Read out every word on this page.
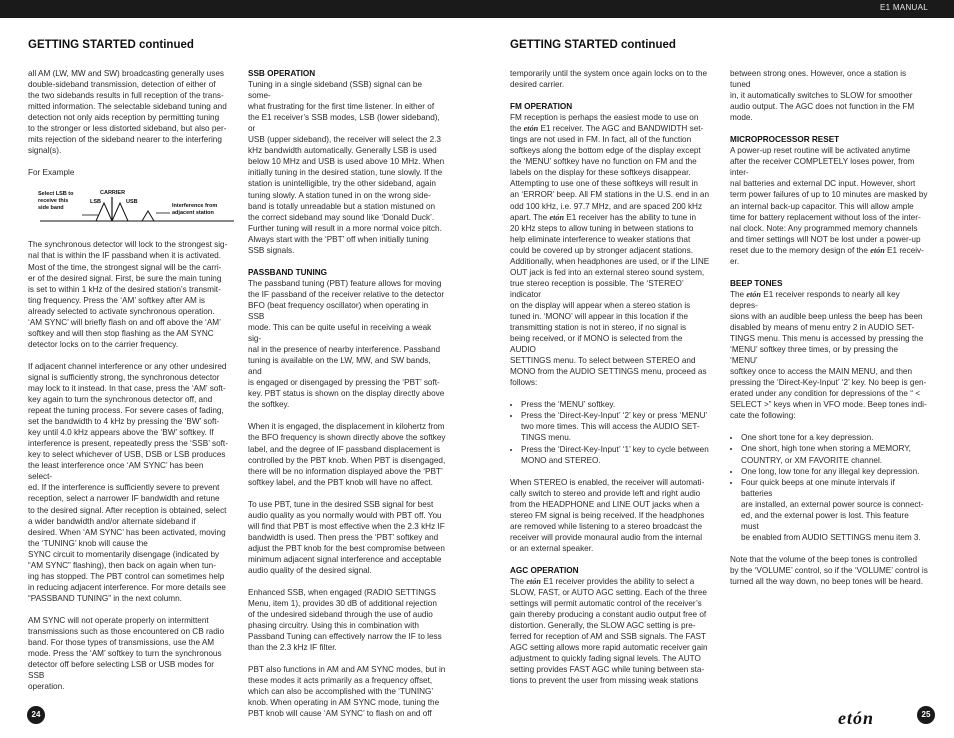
E1 MANUAL
GETTING STARTED continued	GETTING STARTED continued

all AM (LW, MW and SW) broadcasting generally uses
double-sideband transmission, detection of either of
the two sidebands results in full reception of the trans-
mitted information. The selectable sideband tuning and
detection not only aids reception by permitting tuning
to the stronger or less distorted sideband, but also per-
mits rejection of the sideband nearer to the interfering
signal(s).

For Example

Select LSB to
receive this
side band
CARRIER
LSB	USB
Interference from
adjacent station

The synchronous detector will lock to the strongest sig-
nal that is within the IF passband when it is activated.
Most of the time, the strongest signal will be the carri-
er of the desired signal. First, be sure the main tuning
is set to within 1 kHz of the desired station’s transmit-
ting frequency. Press the ‘AM’ softkey after AM is
already selected to activate synchronous operation.
‘AM SYNC’ will briefly flash on and off above the ‘AM’
softkey and will then stop flashing as the AM SYNC
detector locks on to the carrier frequency.

If adjacent channel interference or any other undesired
signal is sufficiently strong, the synchronous detector
may lock to it instead. In that case, press the ‘AM’ soft-
key again to turn the synchronous detector off, and
repeat the tuning process. For severe cases of fading,
set the bandwidth to 4 kHz by pressing the ‘BW’ soft-
key until 4.0 kHz appears above the ‘BW’ softkey. If
interference is present, repeatedly press the ‘SSB’ soft-
key to select whichever of USB, DSB or LSB produces
the least interference once ‘AM SYNC’ has been select-
ed. If the interference is sufficiently severe to prevent
reception, select a narrower IF bandwidth and retune
to the desired signal. After reception is obtained, select
a wider bandwidth and/or alternate sideband if
desired. When ‘AM SYNC’ has been activated, moving
the ‘TUNING’ knob will cause the
SYNC circuit to momentarily disengage (indicated by
“AM SYNC” flashing), then back on again when tun-
ing has stopped. The PBT control can sometimes help
in reducing adjacent interference. For more details see
“PASSBAND TUNING” in the next column.

AM SYNC will not operate properly on intermittent
transmissions such as those encountered on CB radio
band. For those types of transmissions, use the AM
mode. Press the ‘AM’ softkey to turn the synchronous
detector off before selecting LSB or USB modes for SSB
operation.

SSB OPERATION

Tuning in a single sideband (SSB) signal can be some-
what frustrating for the first time listener. In either of
the E1 receiver’s SSB modes, LSB (lower sideband), or
USB (upper sideband), the receiver will select the 2.3
kHz bandwidth automatically. Generally LSB is used
below 10 MHz and USB is used above 10 MHz. When
initially tuning in the desired station, tune slowly. If the
station is unintelligible, try the other sideband, again
tuning slowly. A station tuned in on the wrong side-
band is totally unreadable but a station mistuned on
the correct sideband may sound like ‘Donald Duck’.
Further tuning will result in a more normal voice pitch.
Always start with the ‘PBT’ off when initially tuning
SSB signals.

PASSBAND TUNING

The passband tuning (PBT) feature allows for moving
the IF passband of the receiver relative to the detector
BFO (beat frequency oscillator) when operating in SSB
mode. This can be quite useful in receiving a weak sig-
nal in the presence of nearby interference. Passband
tuning is available on the LW, MW, and SW bands, and
is engaged or disengaged by pressing the ‘PBT’ soft-
key. PBT status is shown on the display directly above
the softkey.

When it is engaged, the displacement in kilohertz from
the BFO frequency is shown directly above the softkey
label, and the degree of IF passband displacement is
controlled by the PBT knob. When PBT is disengaged,
there will be no information displayed above the ‘PBT’
softkey label, and the PBT knob will have no affect.

To use PBT, tune in the desired SSB signal for best
audio quality as you normally would with PBT off. You
will find that PBT is most effective when the 2.3 kHz IF
bandwidth is used. Then press the ‘PBT’ softkey and
adjust the PBT knob for the best compromise between
minimum adjacent signal interference and acceptable
audio quality of the desired signal.

Enhanced SSB, when engaged (RADIO SETTINGS
Menu, item 1), provides 30 dB of additional rejection
of the undesired sideband through the use of audio
phasing circuitry. Using this in combination with
Passband Tuning can effectively narrow the IF to less
than the 2.3 kHz IF filter.

PBT also functions in AM and AM SYNC modes, but in
these modes it acts primarily as a frequency offset,
which can also be accomplished with the ‘TUNING’
knob. When operating in AM SYNC mode, tuning the
PBT knob will cause ‘AM SYNC’ to flash on and off

temporarily until the system once again locks on to the
desired carrier.

FM OPERATION

FM reception is perhaps the easiest mode to use on
the etón E1 receiver. The AGC and BANDWIDTH set-
tings are not used in FM. In fact, all of the function
softkeys along the bottom edge of the display except
the ‘MENU’ softkey have no function on FM and the
labels on the display for these softkeys disappear.
Attempting to use one of these softkeys will result in
an ‘ERROR’ beep. All FM stations in the U.S. end in an
odd 100 kHz, i.e. 97.7 MHz, and are spaced 200 kHz
apart. The etón E1 receiver has the ability to tune in
20 kHz steps to allow tuning in between stations to
help eliminate interference to weaker stations that
could be covered up by stronger adjacent stations.
Additionally, when headphones are used, or if the LINE
OUT jack is fed into an external stereo sound system,
true stereo reception is possible. The ‘STEREO’ indicator
on the display will appear when a stereo station is
tuned in. ‘MONO’ will appear in this location if the
transmitting station is not in stereo, if no signal is
being received, or if MONO is selected from the AUDIO
SETTINGS menu. To select between STEREO and
MONO from the AUDIO SETTINGS menu, proceed as
follows:

• Press the ‘MENU’ softkey.
• Press the ‘Direct-Key-Input’ ‘2’ key or press ‘MENU’
two more times. This will access the AUDIO SET-
TINGS menu.
• Press the ‘Direct-Key-Input’ ‘1’ key to cycle between
MONO and STEREO.

When STEREO is enabled, the receiver will automati-
cally switch to stereo and provide left and right audio
from the HEADPHONE and LINE OUT jacks when a
stereo FM signal is being received. If the headphones
are removed while listening to a stereo broadcast the
receiver will provide monaural audio from the internal
or an external speaker.

AGC OPERATION

The etón E1 receiver provides the ability to select a
SLOW, FAST, or AUTO AGC setting. Each of the three
settings will permit automatic control of the receiver’s
gain thereby producing a constant audio output free of
distortion. Generally, the SLOW AGC setting is pre-
ferred for reception of AM and SSB signals. The FAST
AGC setting allows more rapid automatic receiver gain
adjustment to quickly fading signal levels. The AUTO
setting provides FAST AGC while tuning between sta-
tions to prevent the user from missing weak stations

between strong ones. However, once a station is tuned
in, it automatically switches to SLOW for smoother
audio output. The AGC does not function in the FM
mode.

MICROPROCESSOR RESET

A power-up reset routine will be activated anytime
after the receiver COMPLETELY loses power, from inter-
nal batteries and external DC input. However, short
term power failures of up to 10 minutes are masked by
an internal back-up capacitor. This will allow ample
time for battery replacement without loss of the inter-
nal clock. Note: Any programmed memory channels
and timer settings will NOT be lost under a power-up
reset due to the memory design of the etón E1 receiv-
er.

BEEP TONES

The etón E1 receiver responds to nearly all key depres-
sions with an audible beep unless the beep has been
disabled by means of menu entry 2 in AUDIO SET-
TINGS menu. This menu is accessed by pressing the
‘MENU’ softkey three times, or by pressing the ‘MENU’
softkey once to access the MAIN MENU, and then
pressing the ‘Direct-Key-Input’ ‘2’ key. No beep is gen-
erated under any condition for depressions of the “ <
SELECT >” keys when in VFO mode. Beep tones indi-
cate the following:

• One short tone for a key depression.
• One short, high tone when storing a MEMORY,
COUNTRY, or XM FAVORITE channel.
• One long, low tone for any illegal key depression.
• Four quick beeps at one minute intervals if batteries
are installed, an external power source is connect-
ed, and the external power is lost. This feature must
be enabled from AUDIO SETTINGS menu item 3.

Note that the volume of the beep tones is controlled
by the ‘VOLUME’ control, so if the ‘VOLUME’ control is
turned all the way down, no beep tones will be heard.

24	etón	25
